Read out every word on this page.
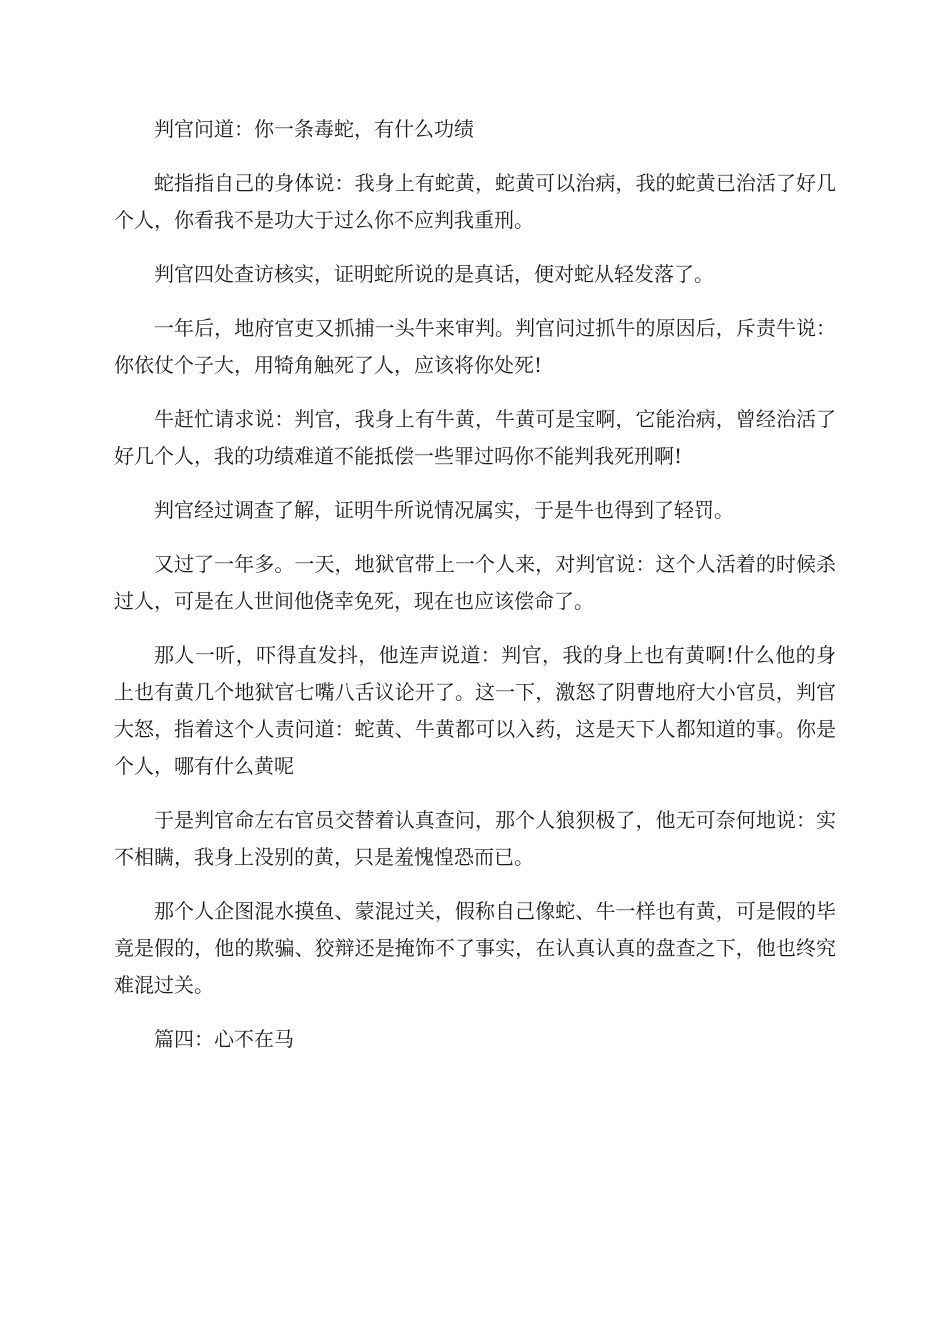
判官问道：你一条毒蛇，有什么功绩

蛇指指自己的身体说：我身上有蛇黄，蛇黄可以治病，我的蛇黄已治活了好几个人，你看我不是功大于过么你不应判我重刑。

判官四处查访核实，证明蛇所说的是真话，便对蛇从轻发落了。

一年后，地府官吏又抓捕一头牛来审判。判官问过抓牛的原因后，斥责牛说：你依仗个子大，用犄角触死了人，应该将你处死!

牛赶忙请求说：判官，我身上有牛黄，牛黄可是宝啊，它能治病，曾经治活了好几个人，我的功绩难道不能抵偿一些罪过吗你不能判我死刑啊!

判官经过调查了解，证明牛所说情况属实，于是牛也得到了轻罚。

又过了一年多。一天，地狱官带上一个人来，对判官说：这个人活着的时候杀过人，可是在人世间他侥幸免死，现在也应该偿命了。

那人一听，吓得直发抖，他连声说道：判官，我的身上也有黄啊!什么他的身上也有黄几个地狱官七嘴八舌议论开了。这一下，激怒了阴曹地府大小官员，判官大怒，指着这个人责问道：蛇黄、牛黄都可以入药，这是天下人都知道的事。你是个人，哪有什么黄呢

于是判官命左右官员交替着认真查问，那个人狼狈极了，他无可奈何地说：实不相瞒，我身上没别的黄，只是羞愧惶恐而已。

那个人企图混水摸鱼、蒙混过关，假称自己像蛇、牛一样也有黄，可是假的毕竟是假的，他的欺骗、狡辩还是掩饰不了事实，在认真认真的盘查之下，他也终究难混过关。

篇四：心不在马
